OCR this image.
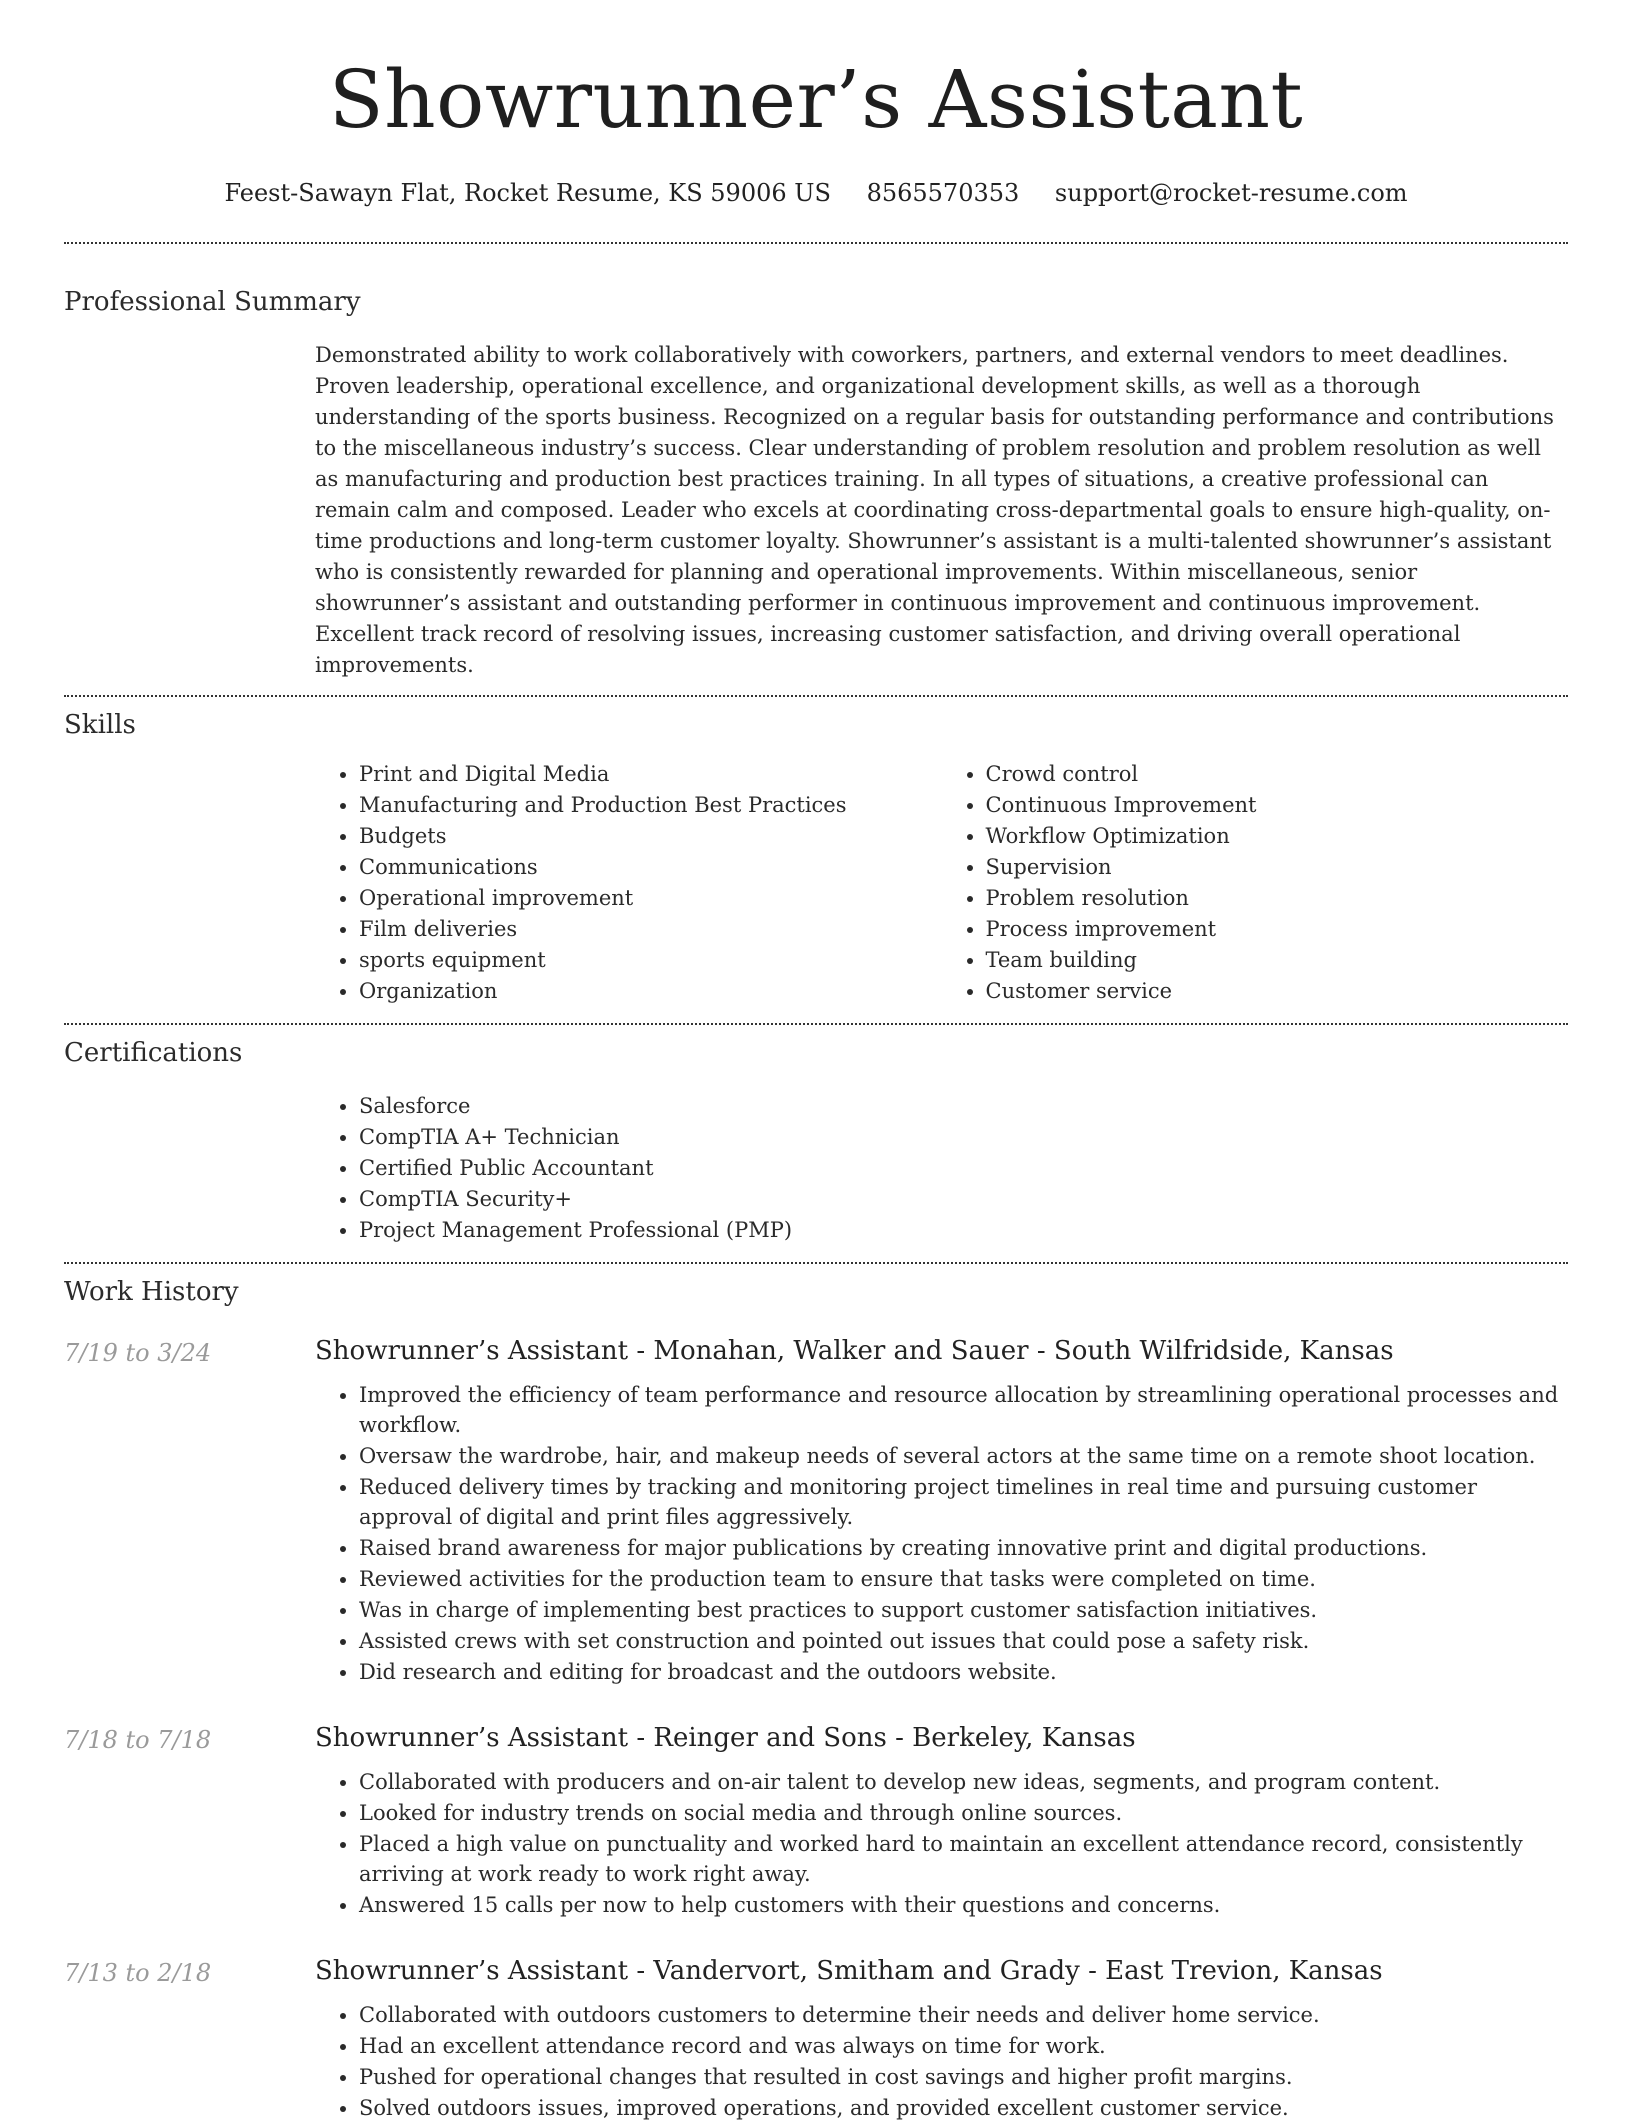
Showrunner’s Assistant
Feest-Sawayn Flat, Rocket Resume, KS 59006 US 8565570353 support@rocket-resume.com
Professional Summary
Demonstrated ability to work collaboratively with coworkers, partners, and external vendors to meet deadlines. Proven leadership, operational excellence, and organizational development skills, as well as a thorough understanding of the sports business. Recognized on a regular basis for outstanding performance and contributions to the miscellaneous industry’s success. Clear understanding of problem resolution and problem resolution as well as manufacturing and production best practices training. In all types of situations, a creative professional can remain calm and composed. Leader who excels at coordinating cross-departmental goals to ensure high-quality, on-time productions and long-term customer loyalty. Showrunner’s assistant is a multi-talented showrunner’s assistant who is consistently rewarded for planning and operational improvements. Within miscellaneous, senior showrunner’s assistant and outstanding performer in continuous improvement and continuous improvement. Excellent track record of resolving issues, increasing customer satisfaction, and driving overall operational improvements.
Skills
• Print and Digital Media
• Manufacturing and Production Best Practices
• Budgets
• Communications
• Operational improvement
• Film deliveries
• sports equipment
• Organization
• Crowd control
• Continuous Improvement
• Workflow Optimization
• Supervision
• Problem resolution
• Process improvement
• Team building
• Customer service
Certifications
• Salesforce
• CompTIA A+ Technician
• Certified Public Accountant
• CompTIA Security+
• Project Management Professional (PMP)
Work History
7/19 to 3/24	Showrunner’s Assistant - Monahan, Walker and Sauer - South Wilfridside, Kansas
• Improved the efficiency of team performance and resource allocation by streamlining operational processes and workflow.
• Oversaw the wardrobe, hair, and makeup needs of several actors at the same time on a remote shoot location.
• Reduced delivery times by tracking and monitoring project timelines in real time and pursuing customer approval of digital and print files aggressively.
• Raised brand awareness for major publications by creating innovative print and digital productions.
• Reviewed activities for the production team to ensure that tasks were completed on time.
• Was in charge of implementing best practices to support customer satisfaction initiatives.
• Assisted crews with set construction and pointed out issues that could pose a safety risk.
• Did research and editing for broadcast and the outdoors website.
7/18 to 7/18	Showrunner’s Assistant - Reinger and Sons - Berkeley, Kansas
• Collaborated with producers and on-air talent to develop new ideas, segments, and program content.
• Looked for industry trends on social media and through online sources.
• Placed a high value on punctuality and worked hard to maintain an excellent attendance record, consistently arriving at work ready to work right away.
• Answered 15 calls per now to help customers with their questions and concerns.
7/13 to 2/18	Showrunner’s Assistant - Vandervort, Smitham and Grady - East Trevion, Kansas
• Collaborated with outdoors customers to determine their needs and deliver home service.
• Had an excellent attendance record and was always on time for work.
• Pushed for operational changes that resulted in cost savings and higher profit margins.
• Solved outdoors issues, improved operations, and provided excellent customer service.
